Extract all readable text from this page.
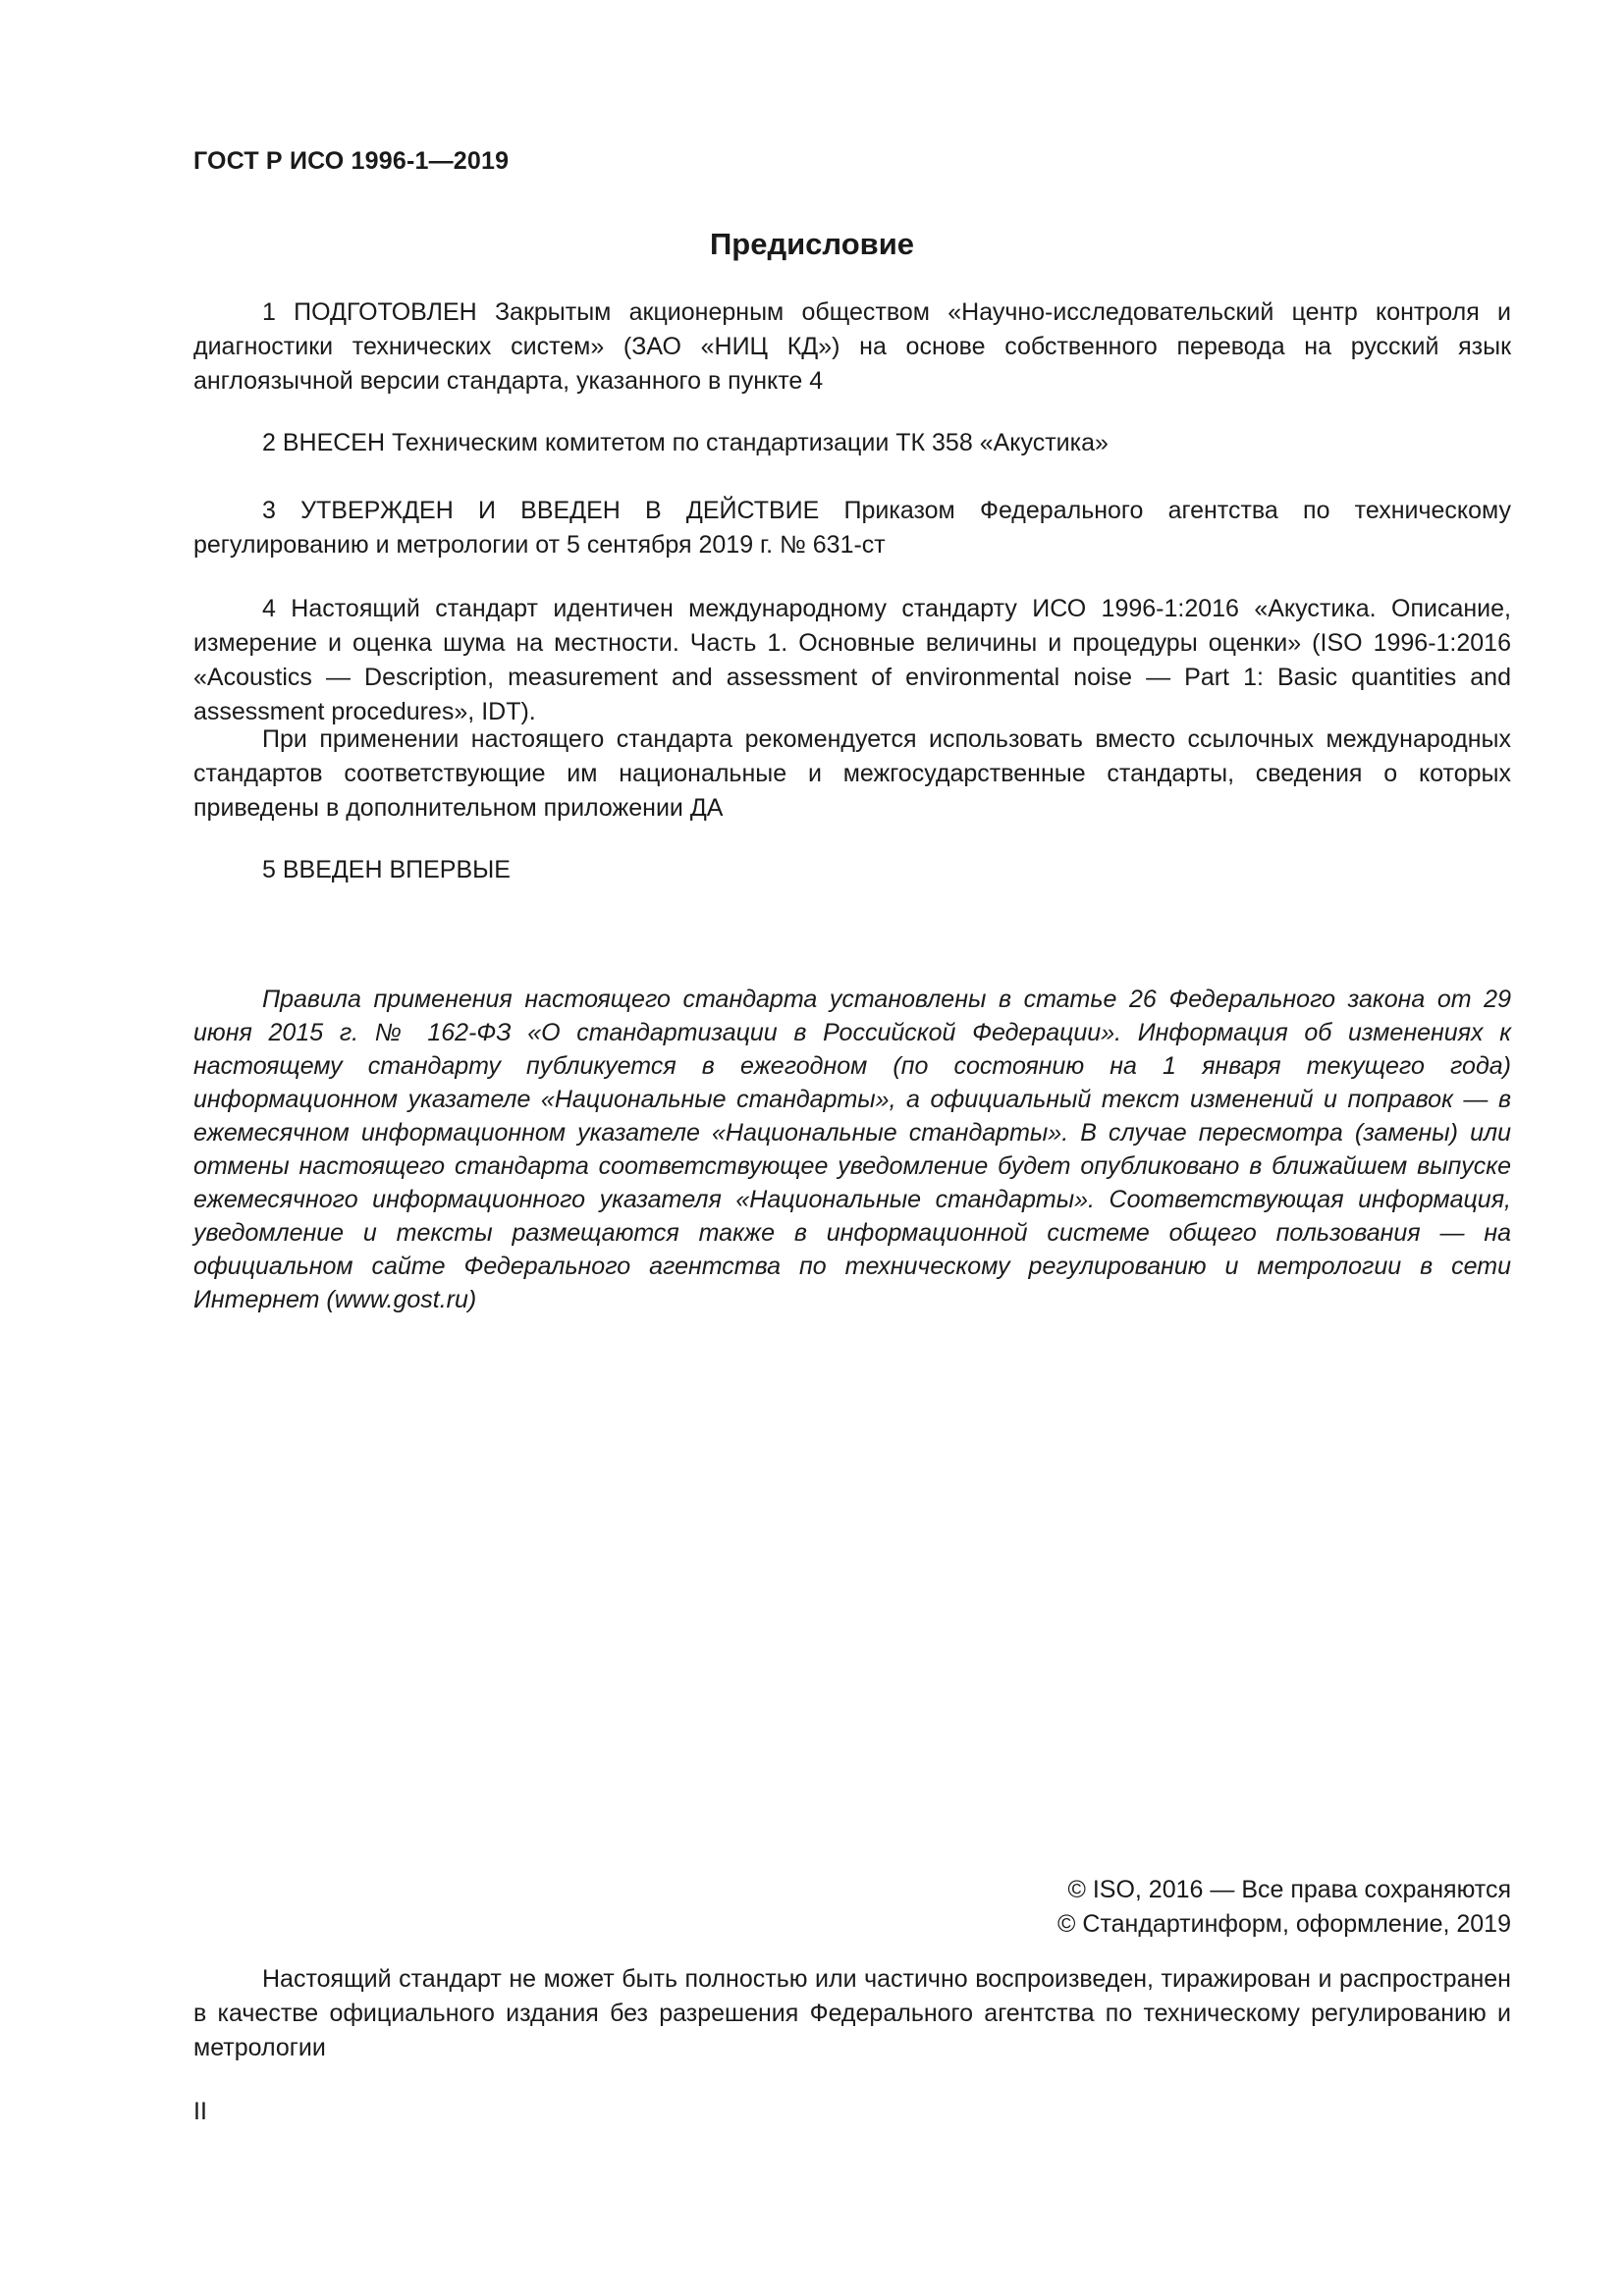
ГОСТ Р ИСО 1996-1—2019
Предисловие

1 ПОДГОТОВЛЕН Закрытым акционерным обществом «Научно-исследовательский центр контроля и диагностики технических систем» (ЗАО «НИЦ КД») на основе собственного перевода на русский язык англоязычной версии стандарта, указанного в пункте 4

2 ВНЕСЕН Техническим комитетом по стандартизации ТК 358 «Акустика»

3 УТВЕРЖДЕН И ВВЕДЕН В ДЕЙСТВИЕ Приказом Федерального агентства по техническому регулированию и метрологии от 5 сентября 2019 г. № 631-ст

4 Настоящий стандарт идентичен международному стандарту ИСО 1996-1:2016 «Акустика. Описание, измерение и оценка шума на местности. Часть 1. Основные величины и процедуры оценки» (ISO 1996-1:2016 «Acoustics — Description, measurement and assessment of environmental noise — Part 1: Basic quantities and assessment procedures», IDT).

При применении настоящего стандарта рекомендуется использовать вместо ссылочных международных стандартов соответствующие им национальные и межгосударственные стандарты, сведения о которых приведены в дополнительном приложении ДА

5 ВВЕДЕН ВПЕРВЫЕ

Правила применения настоящего стандарта установлены в статье 26 Федерального закона от 29 июня 2015 г. № 162-ФЗ «О стандартизации в Российской Федерации». Информация об изменениях к настоящему стандарту публикуется в ежегодном (по состоянию на 1 января текущего года) информационном указателе «Национальные стандарты», а официальный текст изменений и поправок — в ежемесячном информационном указателе «Национальные стандарты». В случае пересмотра (замены) или отмены настоящего стандарта соответствующее уведомление будет опубликовано в ближайшем выпуске ежемесячного информационного указателя «Национальные стандарты». Соответствующая информация, уведомление и тексты размещаются также в информационной системе общего пользования — на официальном сайте Федерального агентства по техническому регулированию и метрологии в сети Интернет (www.gost.ru)

© ISO, 2016 — Все права сохраняются
© Стандартинформ, оформление, 2019

Настоящий стандарт не может быть полностью или частично воспроизведен, тиражирован и распространен в качестве официального издания без разрешения Федерального агентства по техническому регулированию и метрологии

II
